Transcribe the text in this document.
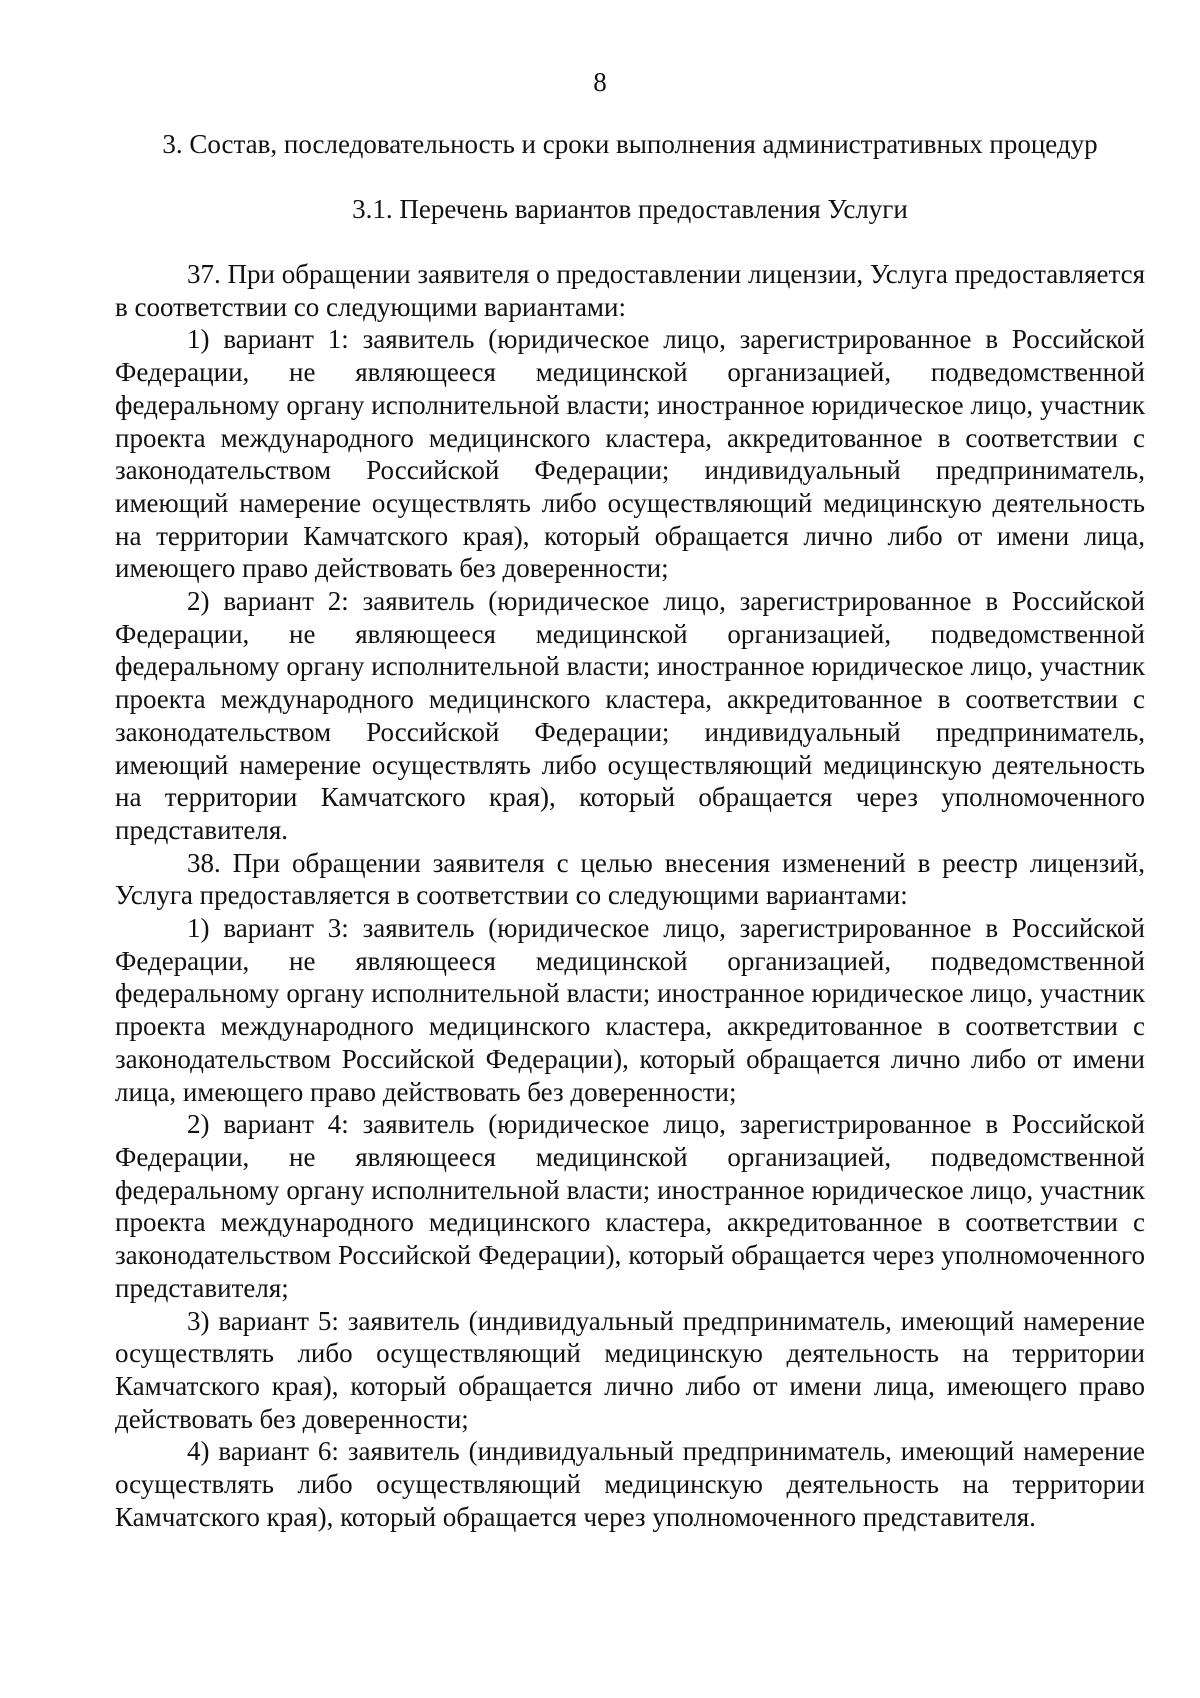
8
3. Состав, последовательность и сроки выполнения административных процедур
3.1. Перечень вариантов предоставления Услуги

37. При обращении заявителя о предоставлении лицензии, Услуга предоставляется в соответствии со следующими вариантами:

1) вариант 1: заявитель (юридическое лицо, зарегистрированное в Российской Федерации, не являющееся медицинской организацией, подведомственной федеральному органу исполнительной власти; иностранное юридическое лицо, участник проекта международного медицинского кластера, аккредитованное в соответствии с законодательством Российской Федерации; индивидуальный предприниматель, имеющий намерение осуществлять либо осуществляющий медицинскую деятельность на территории Камчатского края), который обращается лично либо от имени лица, имеющего право действовать без доверенности;

2) вариант 2: заявитель (юридическое лицо, зарегистрированное в Российской Федерации, не являющееся медицинской организацией, подведомственной федеральному органу исполнительной власти; иностранное юридическое лицо, участник проекта международного медицинского кластера, аккредитованное в соответствии с законодательством Российской Федерации; индивидуальный предприниматель, имеющий намерение осуществлять либо осуществляющий медицинскую деятельность на территории Камчатского края), который обращается через уполномоченного представителя.

38. При обращении заявителя с целью внесения изменений в реестр лицензий, Услуга предоставляется в соответствии со следующими вариантами:

1) вариант 3: заявитель (юридическое лицо, зарегистрированное в Российской Федерации, не являющееся медицинской организацией, подведомственной федеральному органу исполнительной власти; иностранное юридическое лицо, участник проекта международного медицинского кластера, аккредитованное в соответствии с законодательством Российской Федерации), который обращается лично либо от имени лица, имеющего право действовать без доверенности;

2) вариант 4: заявитель (юридическое лицо, зарегистрированное в Российской Федерации, не являющееся медицинской организацией, подведомственной федеральному органу исполнительной власти; иностранное юридическое лицо, участник проекта международного медицинского кластера, аккредитованное в соответствии с законодательством Российской Федерации), который обращается через уполномоченного представителя;

3) вариант 5: заявитель (индивидуальный предприниматель, имеющий намерение осуществлять либо осуществляющий медицинскую деятельность на территории Камчатского края), который обращается лично либо от имени лица, имеющего право действовать без доверенности;

4) вариант 6: заявитель (индивидуальный предприниматель, имеющий намерение осуществлять либо осуществляющий медицинскую деятельность на территории Камчатского края), который обращается через уполномоченного представителя.
